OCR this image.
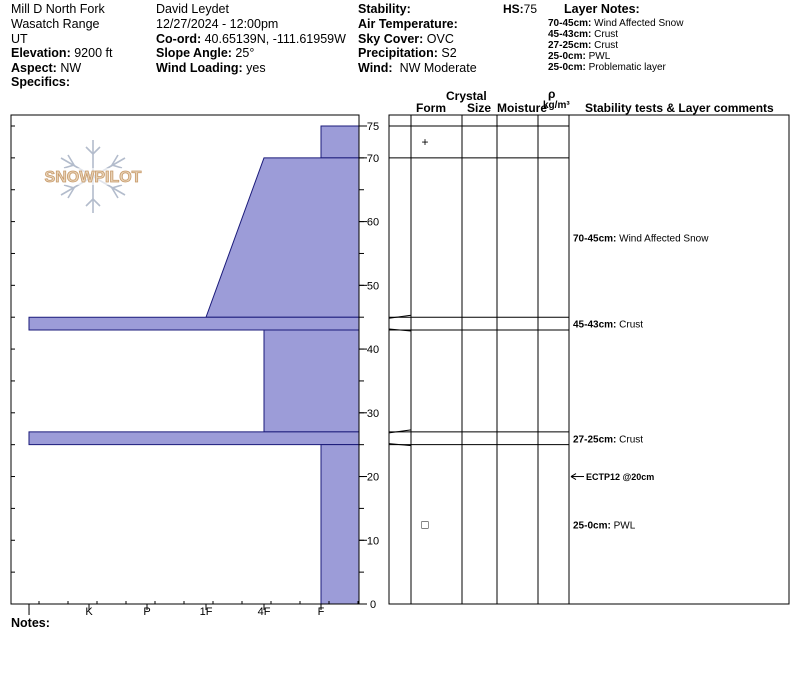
Mill D North Fork
Wasatch Range
UT
Elevation: 9200 ft
Aspect: NW
Specifics:
David Leydet
12/27/2024 - 12:00pm
Co-ord: 40.65139N, -111.61959W
Slope Angle: 25°
Wind Loading: yes
Stability:
Air Temperature:
Sky Cover: OVC
Precipitation: S2
Wind: NW Moderate
HS:75 Layer Notes:
70-45cm: Wind Affected Snow
45-43cm: Crust
27-25cm: Crust
25-0cm: PWL
25-0cm: Problematic layer
Crystal
Form Size Moisture
ρ
kg/m³ Stability tests & Layer comments
Notes:
SNOWPILOT
0
10
20
30
40
50
60
70
75
I	K	P	1F	4F	F
+
□
70-45cm: Wind Affected Snow
45-43cm: Crust
27-25cm: Crust
25-0cm: PWL
ECTP12 @20cm
